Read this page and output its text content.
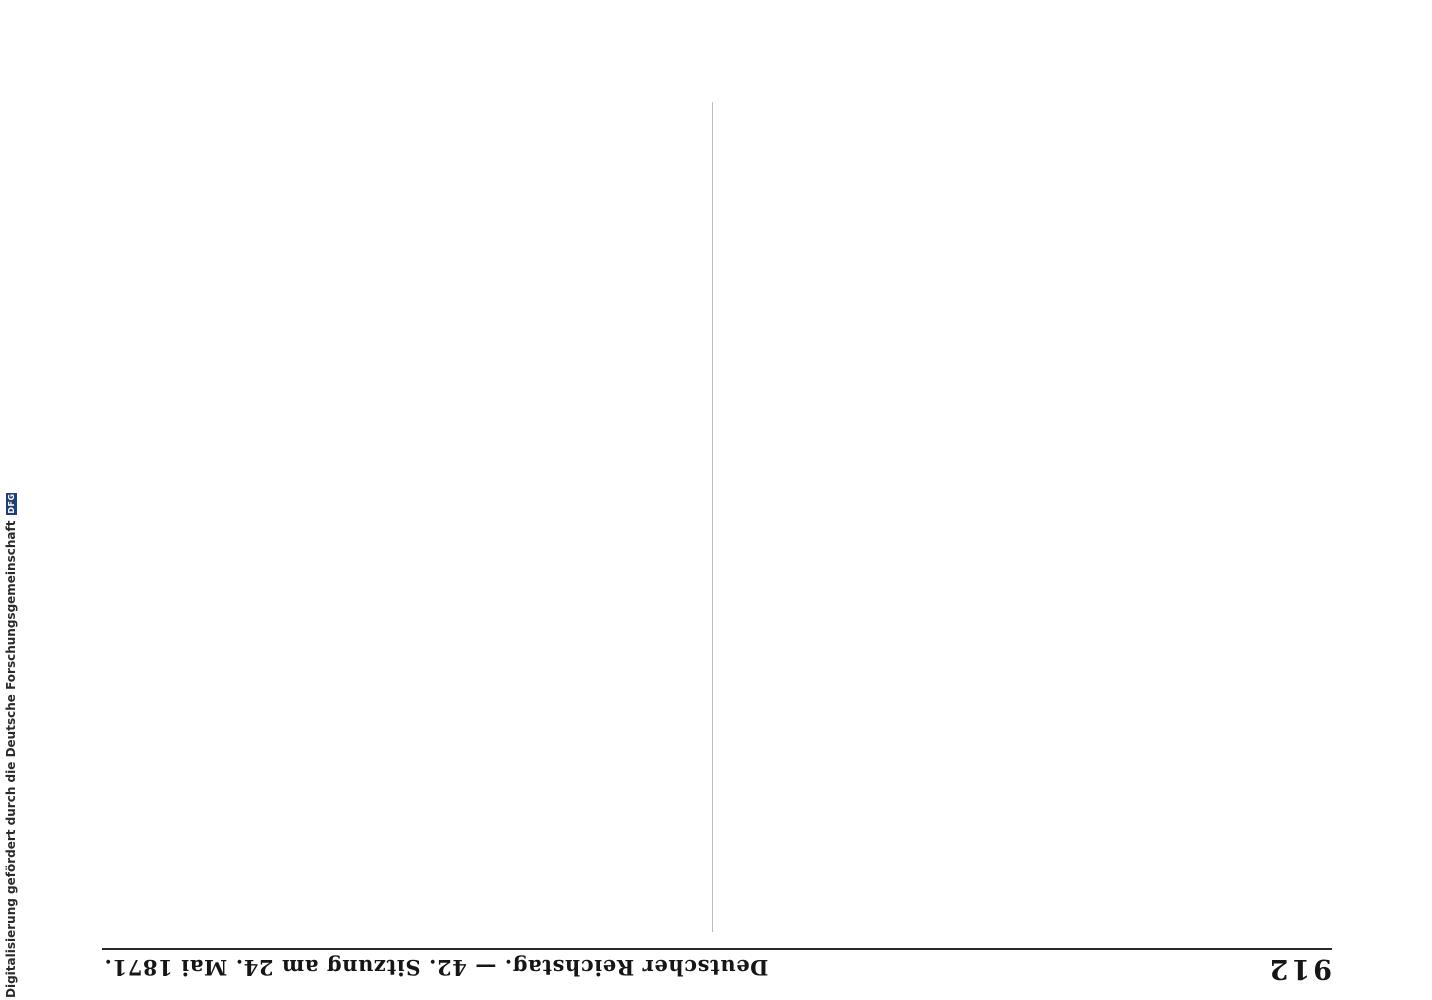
912
Deutscher Reichstag. — 42. Sitzung am 24. Mai 1871.
Digitalisierung gefördert durch die Deutsche Forschungsgemeinschaft
DFG
